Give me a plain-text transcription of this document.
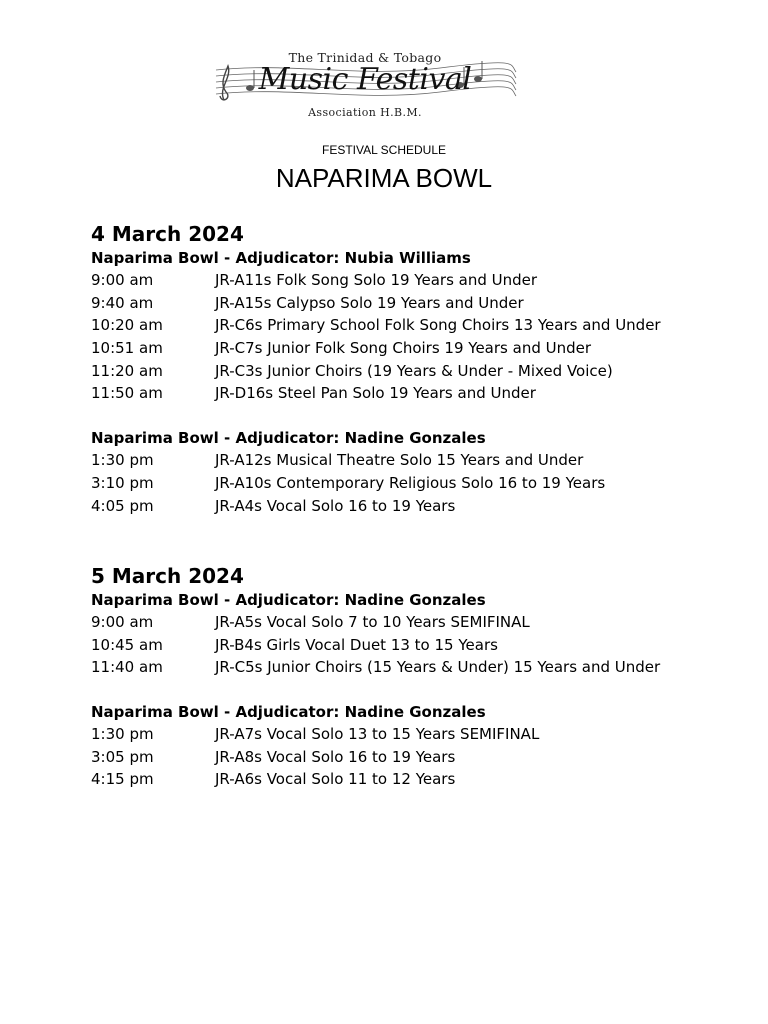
The Trinidad & Tobago
Music Festival
Association H.B.M.
FESTIVAL SCHEDULE
NAPARIMA BOWL
4 March 2024
Naparima Bowl - Adjudicator: Nubia Williams
9:00 am	JR-A11s Folk Song Solo 19 Years and Under
9:40 am	JR-A15s Calypso Solo 19 Years and Under
10:20 am	JR-C6s Primary School Folk Song Choirs 13 Years and Under
10:51 am	JR-C7s Junior Folk Song Choirs 19 Years and Under
11:20 am	JR-C3s Junior Choirs (19 Years & Under - Mixed Voice)
11:50 am	JR-D16s Steel Pan Solo 19 Years and Under
Naparima Bowl - Adjudicator: Nadine Gonzales
1:30 pm	JR-A12s Musical Theatre Solo 15 Years and Under
3:10 pm	JR-A10s Contemporary Religious Solo 16 to 19 Years
4:05 pm	JR-A4s Vocal Solo 16 to 19 Years
5 March 2024
Naparima Bowl - Adjudicator: Nadine Gonzales
9:00 am	JR-A5s Vocal Solo 7 to 10 Years SEMIFINAL
10:45 am	JR-B4s Girls Vocal Duet 13 to 15 Years
11:40 am	JR-C5s Junior Choirs (15 Years & Under) 15 Years and Under
Naparima Bowl - Adjudicator: Nadine Gonzales
1:30 pm	JR-A7s Vocal Solo 13 to 15 Years SEMIFINAL
3:05 pm	JR-A8s Vocal Solo 16 to 19 Years
4:15 pm	JR-A6s Vocal Solo 11 to 12 Years
